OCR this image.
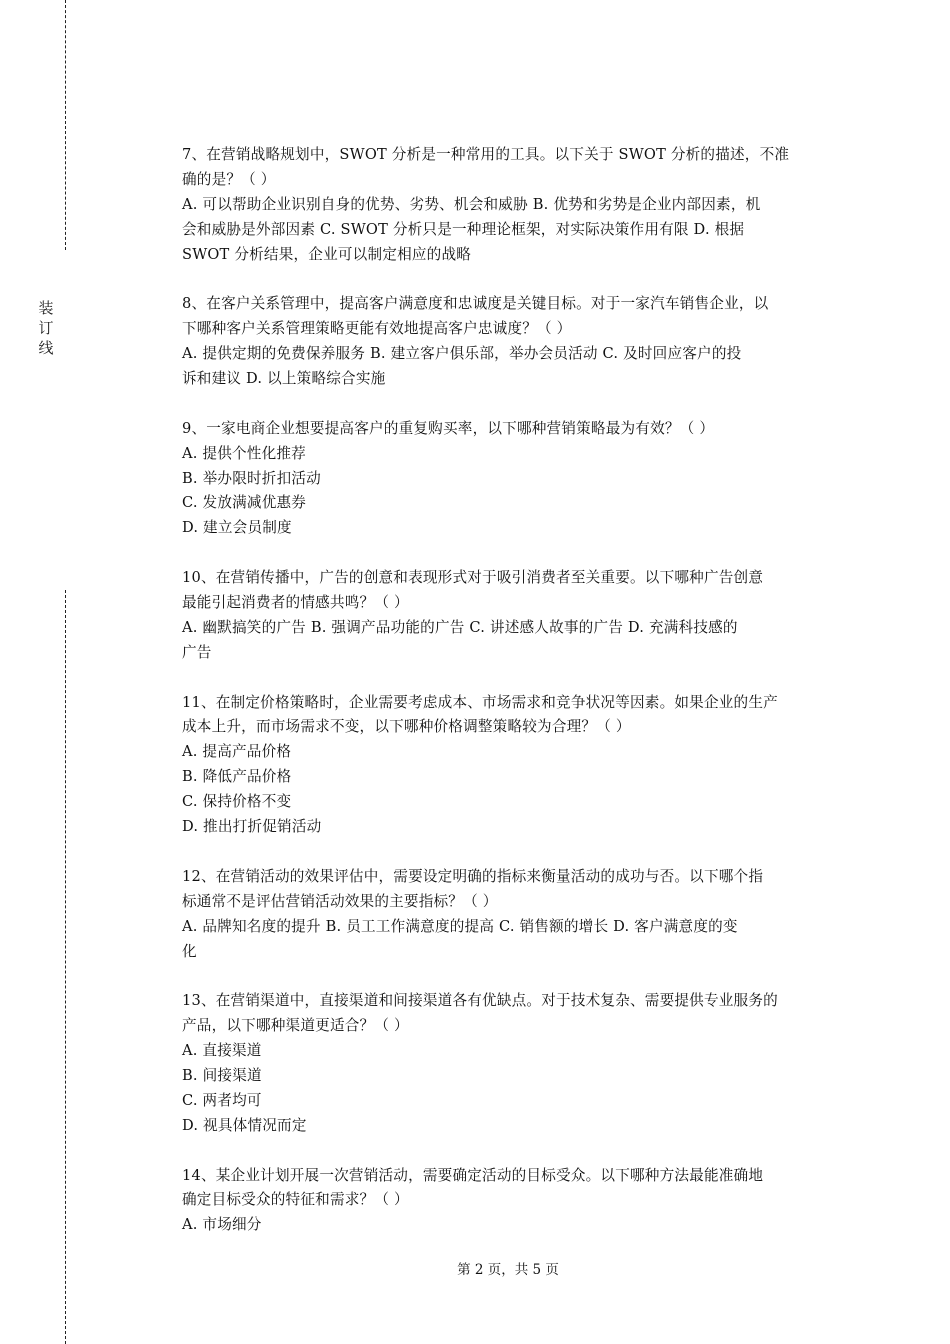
装
订
线
7、在营销战略规划中，SWOT 分析是一种常用的工具。以下关于 SWOT 分析的描述，不准
确的是？（ ）
A. 可以帮助企业识别自身的优势、劣势、机会和威胁 B. 优势和劣势是企业内部因素，机
会和威胁是外部因素 C. SWOT 分析只是一种理论框架，对实际决策作用有限 D. 根据
SWOT 分析结果，企业可以制定相应的战略
8、在客户关系管理中，提高客户满意度和忠诚度是关键目标。对于一家汽车销售企业，以
下哪种客户关系管理策略更能有效地提高客户忠诚度？（ ）
A. 提供定期的免费保养服务 B. 建立客户俱乐部，举办会员活动 C. 及时回应客户的投
诉和建议 D. 以上策略综合实施
9、一家电商企业想要提高客户的重复购买率，以下哪种营销策略最为有效？（ ）
A. 提供个性化推荐
B. 举办限时折扣活动
C. 发放满减优惠券
D. 建立会员制度
10、在营销传播中，广告的创意和表现形式对于吸引消费者至关重要。以下哪种广告创意
最能引起消费者的情感共鸣？（ ）
A. 幽默搞笑的广告 B. 强调产品功能的广告 C. 讲述感人故事的广告 D. 充满科技感的
广告
11、在制定价格策略时，企业需要考虑成本、市场需求和竞争状况等因素。如果企业的生产
成本上升，而市场需求不变，以下哪种价格调整策略较为合理？（ ）
A. 提高产品价格
B. 降低产品价格
C. 保持价格不变
D. 推出打折促销活动
12、在营销活动的效果评估中，需要设定明确的指标来衡量活动的成功与否。以下哪个指
标通常不是评估营销活动效果的主要指标？（ ）
A. 品牌知名度的提升 B. 员工工作满意度的提高 C. 销售额的增长 D. 客户满意度的变
化
13、在营销渠道中，直接渠道和间接渠道各有优缺点。对于技术复杂、需要提供专业服务的
产品，以下哪种渠道更适合？（ ）
A. 直接渠道
B. 间接渠道
C. 两者均可
D. 视具体情况而定
14、某企业计划开展一次营销活动，需要确定活动的目标受众。以下哪种方法最能准确地
确定目标受众的特征和需求？（ ）
A. 市场细分
第 2 页，共 5 页
